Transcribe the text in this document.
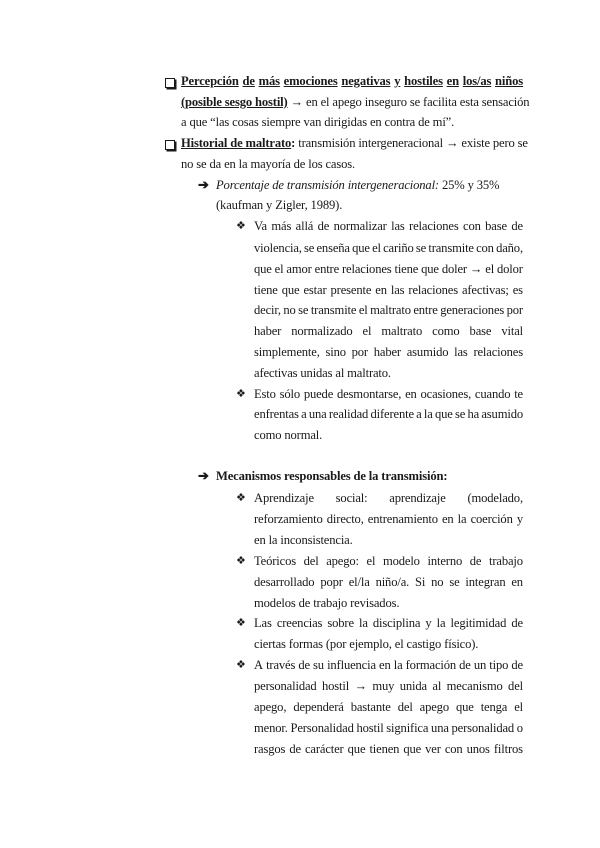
Percepción de más emociones negativas y hostiles en los/as niños
(posible sesgo hostil) → en el apego inseguro se facilita esta sensación
a que “las cosas siempre van dirigidas en contra de mí”.
Historial de maltrato: transmisión intergeneracional → existe pero se
no se da en la mayoría de los casos.
➔ Porcentaje de transmisión intergeneracional: 25% y 35%
(kaufman y Zigler, 1989).
❖ Va más allá de normalizar las relaciones con base de
violencia, se enseña que el cariño se transmite con daño,
que el amor entre relaciones tiene que doler → el dolor
tiene que estar presente en las relaciones afectivas; es
decir, no se transmite el maltrato entre generaciones por
haber normalizado el maltrato como base vital
simplemente, sino por haber asumido las relaciones
afectivas unidas al maltrato.
❖ Esto sólo puede desmontarse, en ocasiones, cuando te
enfrentas a una realidad diferente a la que se ha asumido
como normal.
➔ Mecanismos responsables de la transmisión:
❖ Aprendizaje social: aprendizaje (modelado,
reforzamiento directo, entrenamiento en la coerción y
en la inconsistencia.
❖ Teóricos del apego: el modelo interno de trabajo
desarrollado popr el/la niño/a. Si no se integran en
modelos de trabajo revisados.
❖ Las creencias sobre la disciplina y la legitimidad de
ciertas formas (por ejemplo, el castigo físico).
❖ A través de su influencia en la formación de un tipo de
personalidad hostil → muy unida al mecanismo del
apego, dependerá bastante del apego que tenga el
menor. Personalidad hostil significa una personalidad o
rasgos de carácter que tienen que ver con unos filtros
